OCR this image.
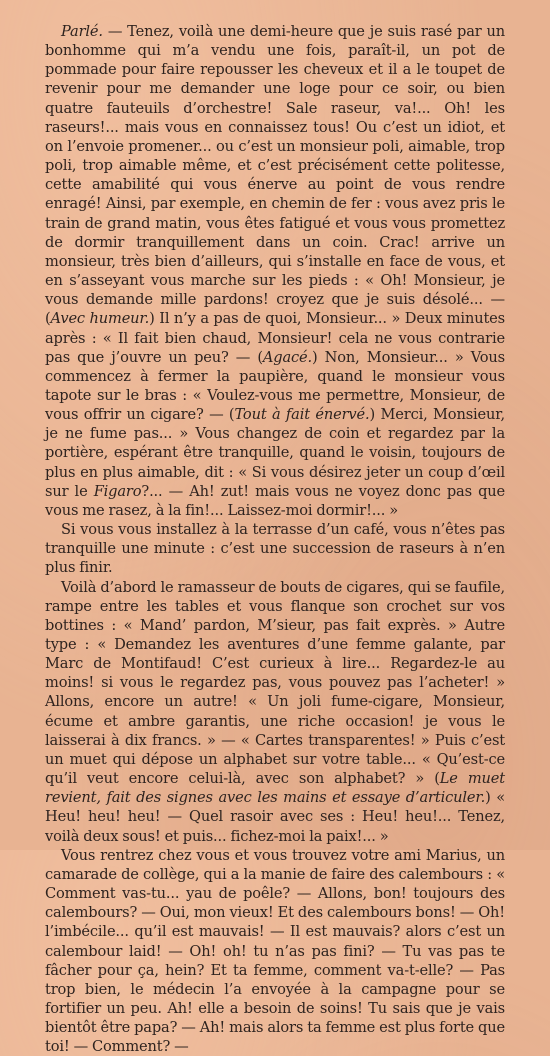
Parlé. — Tenez, voilà une demi-heure que je suis rasé par un bonhomme qui m’a vendu une fois, paraît-il, un pot de pommade pour faire repousser les cheveux et il a le toupet de revenir pour me demander une loge pour ce soir, ou bien quatre fauteuils d’orchestre! Sale raseur, va!... Oh! les raseurs!... mais vous en connaissez tous! Ou c’est un idiot, et on l’envoie promener... ou c’est un monsieur poli, aimable, trop poli, trop aimable même, et c’est précisément cette politesse, cette amabilité qui vous énerve au point de vous rendre enragé! Ainsi, par exemple, en chemin de fer : vous avez pris le train de grand matin, vous êtes fatigué et vous vous promettez de dormir tranquillement dans un coin. Crac! arrive un monsieur, très bien d’ailleurs, qui s’installe en face de vous, et en s’asseyant vous marche sur les pieds : « Oh! Monsieur, je vous demande mille pardons! croyez que je suis désolé... — (Avec humeur.) Il n’y a pas de quoi, Monsieur... » Deux minutes après : « Il fait bien chaud, Monsieur! cela ne vous contrarie pas que j’ouvre un peu? — (Agacé.) Non, Monsieur... » Vous commencez à fermer la paupière, quand le monsieur vous tapote sur le bras : « Voulez-vous me permettre, Monsieur, de vous offrir un cigare? — (Tout à fait énervé.) Merci, Monsieur, je ne fume pas... » Vous changez de coin et regardez par la portière, espérant être tranquille, quand le voisin, toujours de plus en plus aimable, dit : « Si vous désirez jeter un coup d’œil sur le Figaro?... — Ah! zut! mais vous ne voyez donc pas que vous me rasez, à la fin!... Laissez-moi dormir!... »

Si vous vous installez à la terrasse d’un café, vous n’êtes pas tranquille une minute : c’est une succession de raseurs à n’en plus finir.

Voilà d’abord le ramasseur de bouts de cigares, qui se faufile, rampe entre les tables et vous flanque son crochet sur vos bottines : « Mand’ pardon, M’sieur, pas fait exprès. » Autre type : « Demandez les aventures d’une femme galante, par Marc de Montifaud! C’est curieux à lire... Regardez-le au moins! si vous le regardez pas, vous pouvez pas l’acheter! » Allons, encore un autre! « Un joli fume-cigare, Monsieur, écume et ambre garantis, une riche occasion! je vous le laisserai à dix francs. » — « Cartes transparentes! » Puis c’est un muet qui dépose un alphabet sur votre table... « Qu’est-ce qu’il veut encore celui-là, avec son alphabet? » (Le muet revient, fait des signes avec les mains et essaye d’articuler.) « Heu! heu! heu! — Quel rasoir avec ses : Heu! heu!... Tenez, voilà deux sous! et puis... fichez-moi la paix!... »

Vous rentrez chez vous et vous trouvez votre ami Marius, un camarade de collège, qui a la manie de faire des calembours : « Comment vas-tu... yau de poêle? — Allons, bon! toujours des calembours? — Oui, mon vieux! Et des calembours bons! — Oh! l’imbécile... qu’il est mauvais! — Il est mauvais? alors c’est un calembour laid! — Oh! oh! tu n’as pas fini? — Tu vas pas te fâcher pour ça, hein? Et ta femme, comment va-t-elle? — Pas trop bien, le médecin l’a envoyée à la campagne pour se fortifier un peu. Ah! elle a besoin de soins! Tu sais que je vais bientôt être papa? — Ah! mais alors ta femme est plus forte que toi! — Comment? —
